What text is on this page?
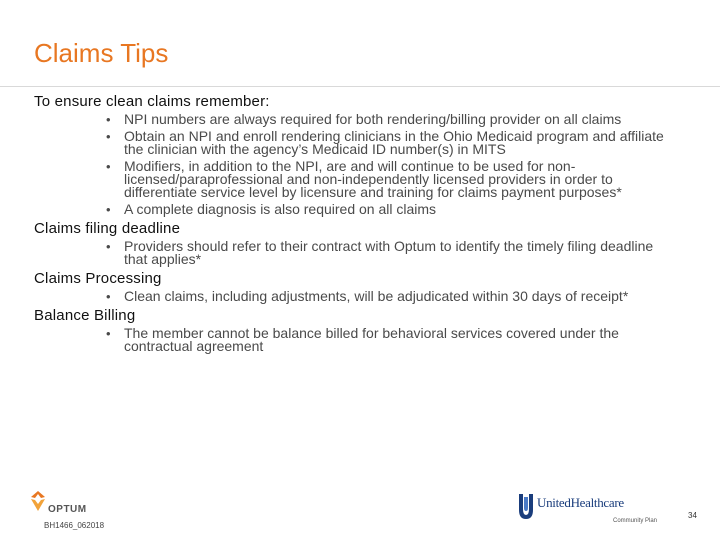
Claims Tips
To ensure clean claims remember:
• NPI numbers are always required for both rendering/billing provider on all claims
• Obtain an NPI and enroll rendering clinicians in the Ohio Medicaid program and affiliate the clinician with the agency’s Medicaid ID number(s) in MITS
• Modifiers, in addition to the NPI, are and will continue to be used for non-licensed/paraprofessional and non-independently licensed providers in order to differentiate service level by licensure and training for claims payment purposes*
• A complete diagnosis is also required on all claims
Claims filing deadline
• Providers should refer to their contract with Optum to identify the timely filing deadline that applies*
Claims Processing
• Clean claims, including adjustments, will be adjudicated within 30 days of receipt*
Balance Billing
• The member cannot be balance billed for behavioral services covered under the contractual agreement
OPTUM
BH1466_062018
UnitedHealthcare
Community Plan
34
